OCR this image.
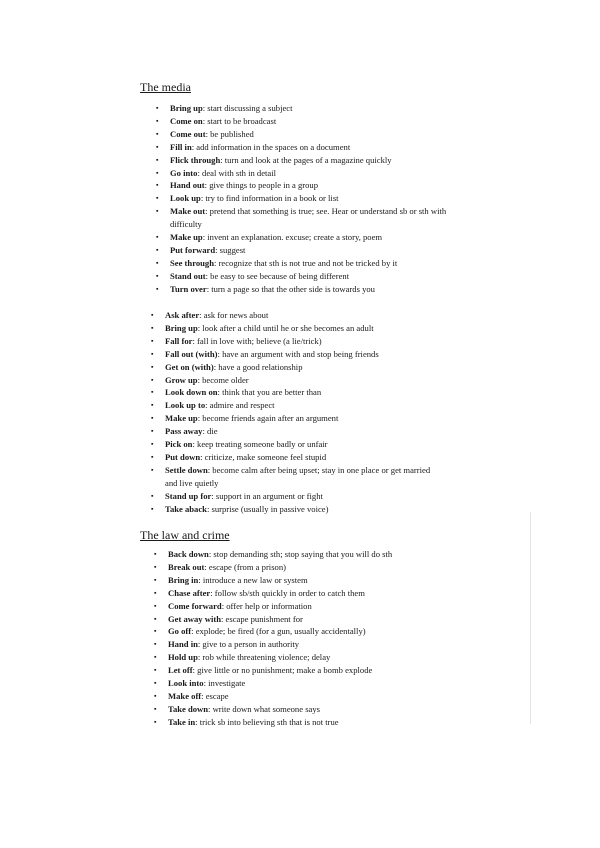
The media
▪ Bring up: start discussing a subject
▪ Come on: start to be broadcast
▪ Come out: be published
▪ Fill in: add information in the spaces on a document
▪ Flick through: turn and look at the pages of a magazine quickly
▪ Go into: deal with sth in detail
▪ Hand out: give things to people in a group
▪ Look up: try to find information in a book or list
▪ Make out: pretend that something is true; see. Hear or understand sb or sth with difficulty
▪ Make up: invent an explanation. excuse; create a story, poem
▪ Put forward: suggest
▪ See through: recognize that sth is not true and not be tricked by it
▪ Stand out: be easy to see because of being different
▪ Turn over: turn a page so that the other side is towards you
▪ Ask after: ask for news about
▪ Bring up: look after a child until he or she becomes an adult
▪ Fall for: fall in love with; believe (a lie/trick)
▪ Fall out (with): have an argument with and stop being friends
▪ Get on (with): have a good relationship
▪ Grow up: become older
▪ Look down on: think that you are better than
▪ Look up to: admire and respect
▪ Make up: become friends again after an argument
▪ Pass away: die
▪ Pick on: keep treating someone badly or unfair
▪ Put down: criticize, make someone feel stupid
▪ Settle down: become calm after being upset; stay in one place or get married and live quietly
▪ Stand up for: support in an argument or fight
▪ Take aback: surprise (usually in passive voice)
The law and crime
▪ Back down: stop demanding sth; stop saying that you will do sth
▪ Break out: escape (from a prison)
▪ Bring in: introduce a new law or system
▪ Chase after: follow sb/sth quickly in order to catch them
▪ Come forward: offer help or information
▪ Get away with: escape punishment for
▪ Go off: explode; be fired (for a gun, usually accidentally)
▪ Hand in: give to a person in authority
▪ Hold up: rob while threatening violence; delay
▪ Let off: give little or no punishment; make a bomb explode
▪ Look into: investigate
▪ Make off: escape
▪ Take down: write down what someone says
▪ Take in: trick sb into believing sth that is not true
